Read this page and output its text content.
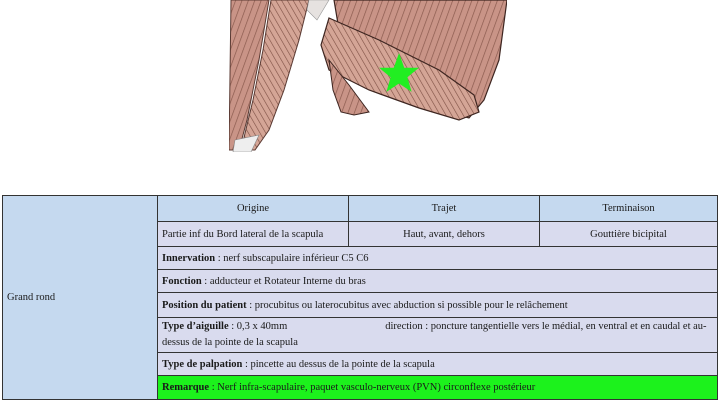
Grand rond	Origine	Trajet	Terminaison
	Partie inf du Bord lateral de la scapula	Haut, avant, dehors	Gouttière bicipital
	Innervation : nerf subscapulaire inférieur C5 C6		
	Fonction : adducteur et Rotateur Interne du bras		
	Position du patient : procubitus ou laterocubitus avec abduction si possible pour le relâchement		
	Type d’aiguille : 0,3 x 40mm direction : poncture tangentielle vers le médial, en ventral et en caudal et au-dessus de la pointe de la scapula		
	Type de palpation : pincette au dessus de la pointe de la scapula		
	Remarque : Nerf infra-scapulaire, paquet vasculo-nerveux (PVN) circonflexe postérieur		
